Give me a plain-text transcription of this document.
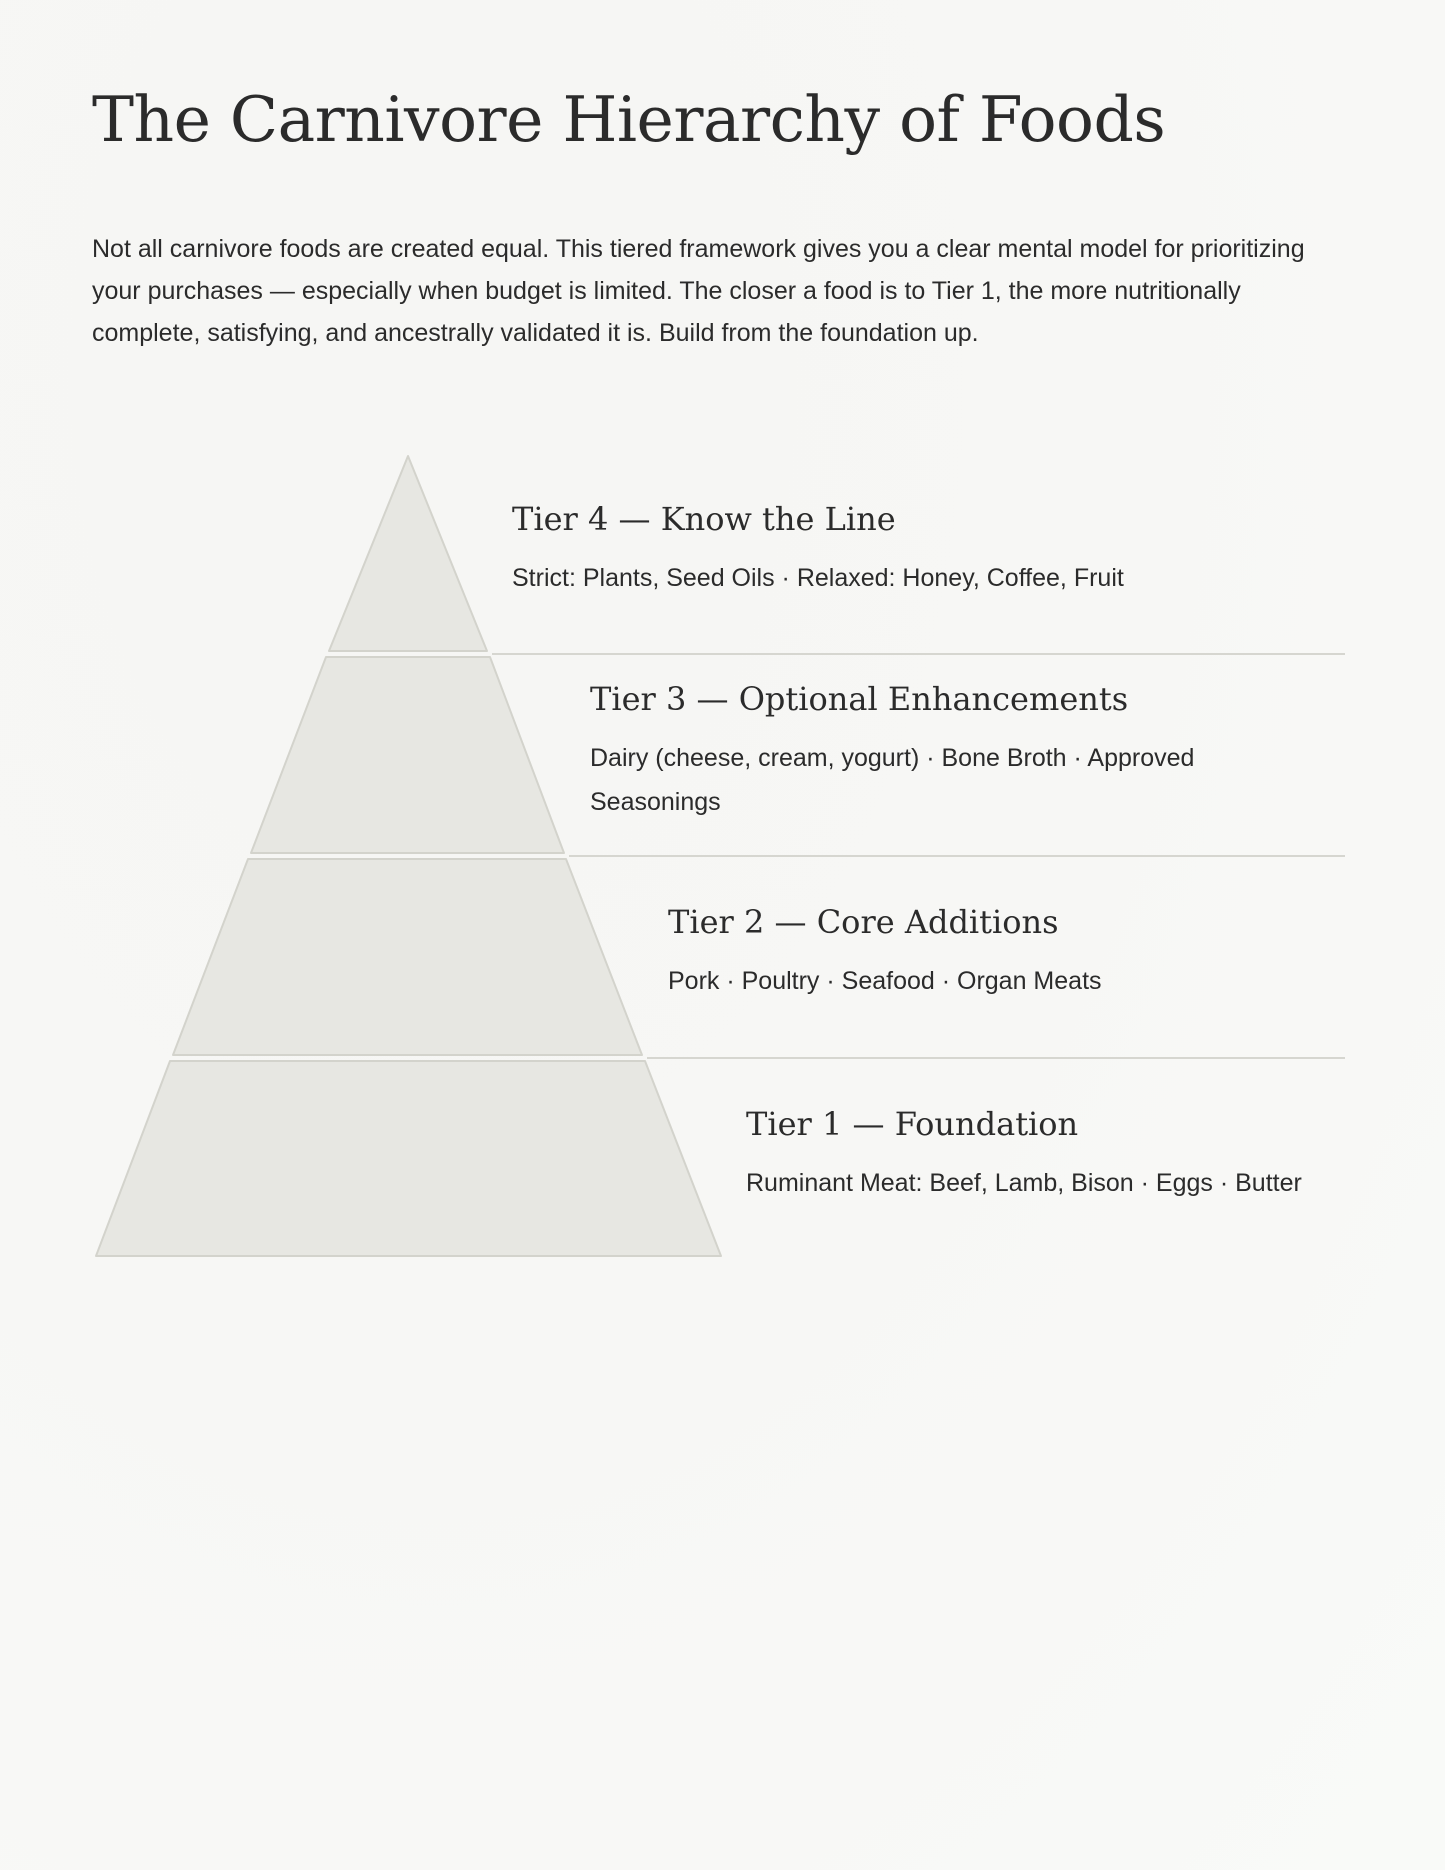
The Carnivore Hierarchy of Foods

Not all carnivore foods are created equal. This tiered framework gives you a clear mental model for prioritizing your purchases — especially when budget is limited. The closer a food is to Tier 1, the more nutritionally complete, satisfying, and ancestrally validated it is. Build from the foundation up.

Tier 4 — Know the Line

Strict: Plants, Seed Oils · Relaxed: Honey, Coffee, Fruit

Tier 3 — Optional Enhancements

Dairy (cheese, cream, yogurt) · Bone Broth · Approved Seasonings

Tier 2 — Core Additions

Pork · Poultry · Seafood · Organ Meats

Tier 1 — Foundation

Ruminant Meat: Beef, Lamb, Bison · Eggs · Butter
